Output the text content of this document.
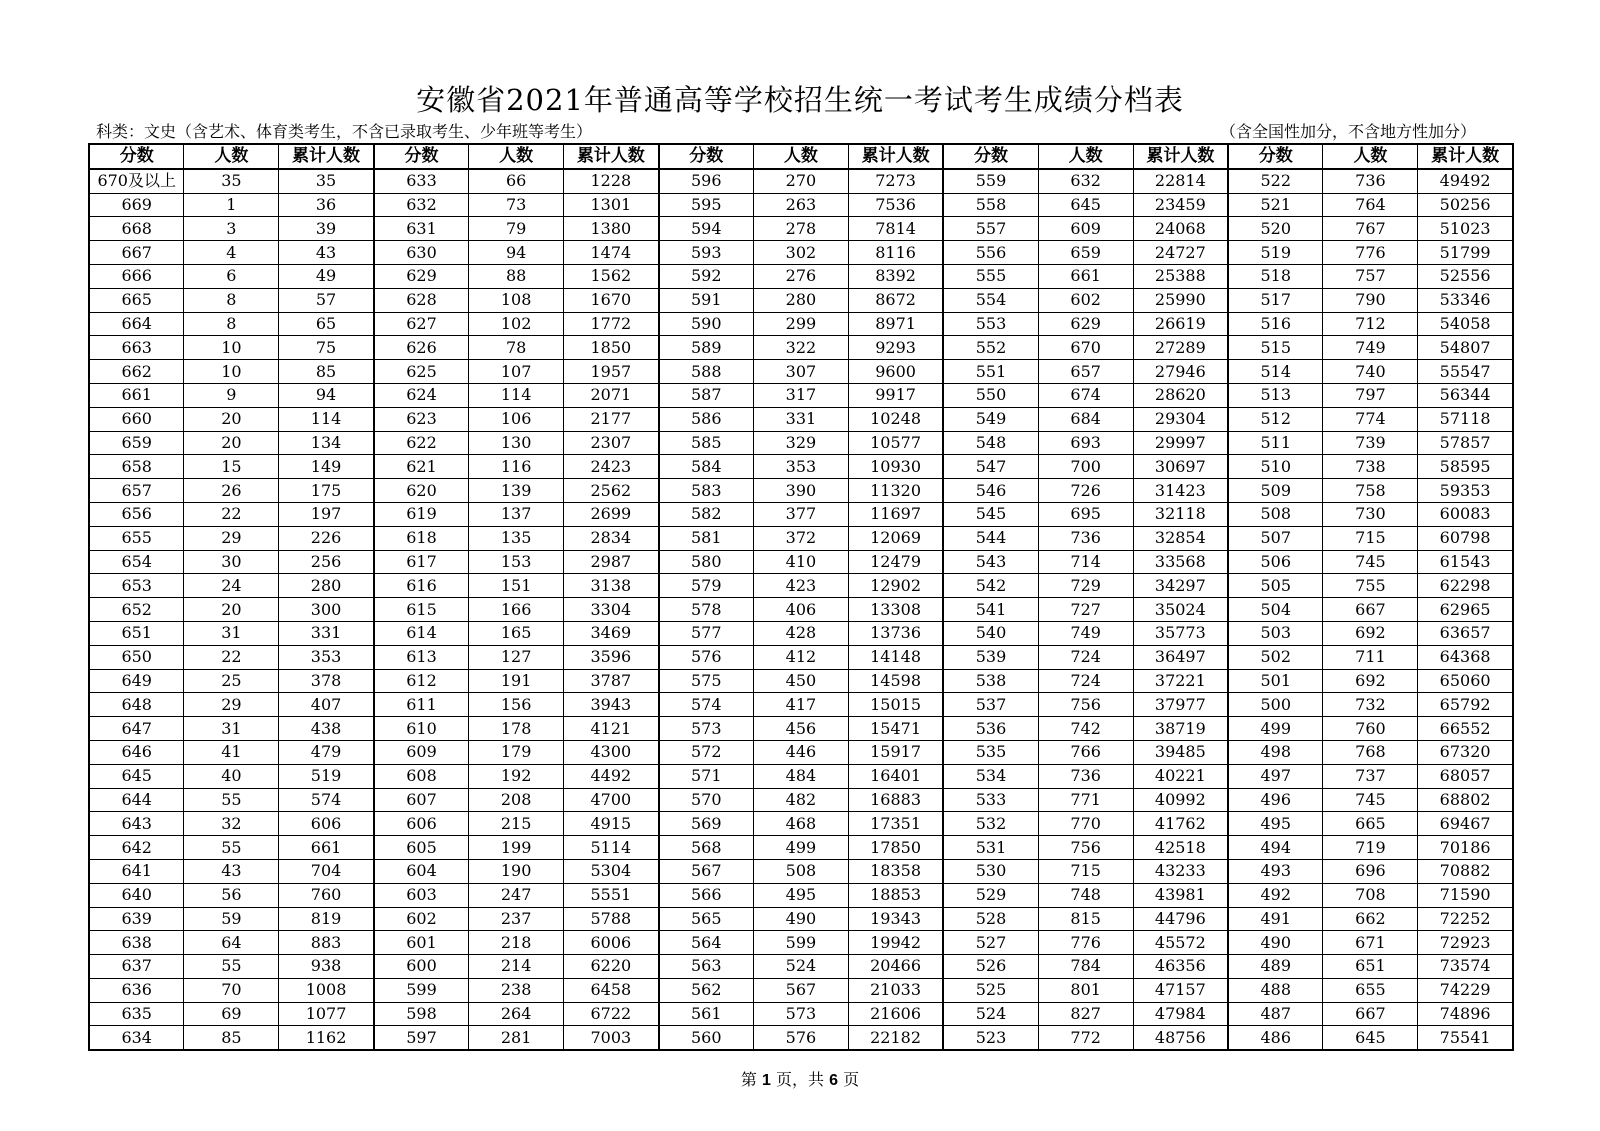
安徽省2021年普通高等学校招生统一考试考生成绩分档表
科类：文史（含艺术、体育类考生，不含已录取考生、少年班等考生）	（含全国性加分，不含地方性加分）
分数	人数	累计人数	分数	人数	累计人数	分数	人数	累计人数	分数	人数	累计人数	分数	人数	累计人数
670及以上	35	35	633	66	1228	596	270	7273	559	632	22814	522	736	49492
669	1	36	632	73	1301	595	263	7536	558	645	23459	521	764	50256
668	3	39	631	79	1380	594	278	7814	557	609	24068	520	767	51023
667	4	43	630	94	1474	593	302	8116	556	659	24727	519	776	51799
666	6	49	629	88	1562	592	276	8392	555	661	25388	518	757	52556
665	8	57	628	108	1670	591	280	8672	554	602	25990	517	790	53346
664	8	65	627	102	1772	590	299	8971	553	629	26619	516	712	54058
663	10	75	626	78	1850	589	322	9293	552	670	27289	515	749	54807
662	10	85	625	107	1957	588	307	9600	551	657	27946	514	740	55547
661	9	94	624	114	2071	587	317	9917	550	674	28620	513	797	56344
660	20	114	623	106	2177	586	331	10248	549	684	29304	512	774	57118
659	20	134	622	130	2307	585	329	10577	548	693	29997	511	739	57857
658	15	149	621	116	2423	584	353	10930	547	700	30697	510	738	58595
657	26	175	620	139	2562	583	390	11320	546	726	31423	509	758	59353
656	22	197	619	137	2699	582	377	11697	545	695	32118	508	730	60083
655	29	226	618	135	2834	581	372	12069	544	736	32854	507	715	60798
654	30	256	617	153	2987	580	410	12479	543	714	33568	506	745	61543
653	24	280	616	151	3138	579	423	12902	542	729	34297	505	755	62298
652	20	300	615	166	3304	578	406	13308	541	727	35024	504	667	62965
651	31	331	614	165	3469	577	428	13736	540	749	35773	503	692	63657
650	22	353	613	127	3596	576	412	14148	539	724	36497	502	711	64368
649	25	378	612	191	3787	575	450	14598	538	724	37221	501	692	65060
648	29	407	611	156	3943	574	417	15015	537	756	37977	500	732	65792
647	31	438	610	178	4121	573	456	15471	536	742	38719	499	760	66552
646	41	479	609	179	4300	572	446	15917	535	766	39485	498	768	67320
645	40	519	608	192	4492	571	484	16401	534	736	40221	497	737	68057
644	55	574	607	208	4700	570	482	16883	533	771	40992	496	745	68802
643	32	606	606	215	4915	569	468	17351	532	770	41762	495	665	69467
642	55	661	605	199	5114	568	499	17850	531	756	42518	494	719	70186
641	43	704	604	190	5304	567	508	18358	530	715	43233	493	696	70882
640	56	760	603	247	5551	566	495	18853	529	748	43981	492	708	71590
639	59	819	602	237	5788	565	490	19343	528	815	44796	491	662	72252
638	64	883	601	218	6006	564	599	19942	527	776	45572	490	671	72923
637	55	938	600	214	6220	563	524	20466	526	784	46356	489	651	73574
636	70	1008	599	238	6458	562	567	21033	525	801	47157	488	655	74229
635	69	1077	598	264	6722	561	573	21606	524	827	47984	487	667	74896
634	85	1162	597	281	7003	560	576	22182	523	772	48756	486	645	75541
第 1 页，共 6 页
